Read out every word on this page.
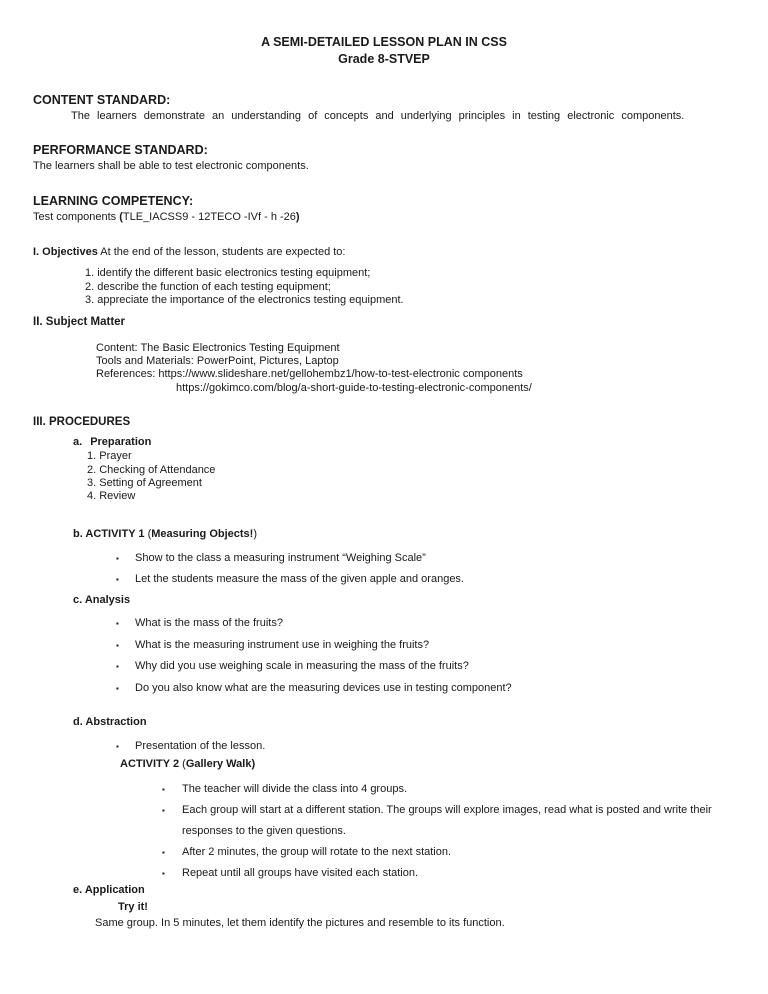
A SEMI-DETAILED LESSON PLAN IN CSS
Grade 8-STVEP
CONTENT STANDARD:

The learners demonstrate an understanding of concepts and underlying principles in testing electronic components.

PERFORMANCE STANDARD:

The learners shall be able to test electronic components.

LEARNING COMPETENCY:

Test components (TLE_IACSS9 - 12TECO -IVf - h -26)

I. Objectives At the end of the lesson, students are expected to:

1. identify the different basic electronics testing equipment;
2. describe the function of each testing equipment;
3. appreciate the importance of the electronics testing equipment.
II. Subject Matter
Content: The Basic Electronics Testing Equipment
Tools and Materials: PowerPoint, Pictures, Laptop
References: https://www.slideshare.net/gellohembz1/how-to-test-electronic components
https://gokimco.com/blog/a-short-guide-to-testing-electronic-components/
III. PROCEDURES
a. Preparation
1. Prayer
2. Checking of Attendance
3. Setting of Agreement
4. Review
b. ACTIVITY 1 (Measuring Objects!)
▪	Show to the class a measuring instrument “Weighing Scale”
▪	Let the students measure the mass of the given apple and oranges.
c. Analysis
▪	What is the mass of the fruits?
▪	What is the measuring instrument use in weighing the fruits?
▪	Why did you use weighing scale in measuring the mass of the fruits?
▪	Do you also know what are the measuring devices use in testing component?
d. Abstraction
▪	Presentation of the lesson.
ACTIVITY 2 (Gallery Walk)
▪	The teacher will divide the class into 4 groups.
▪	Each group will start at a different station. The groups will explore images, read what is posted and write their responses to the given questions.
▪	After 2 minutes, the group will rotate to the next station.
▪	Repeat until all groups have visited each station.
e. Application
Try it!

Same group. In 5 minutes, let them identify the pictures and resemble to its function.
